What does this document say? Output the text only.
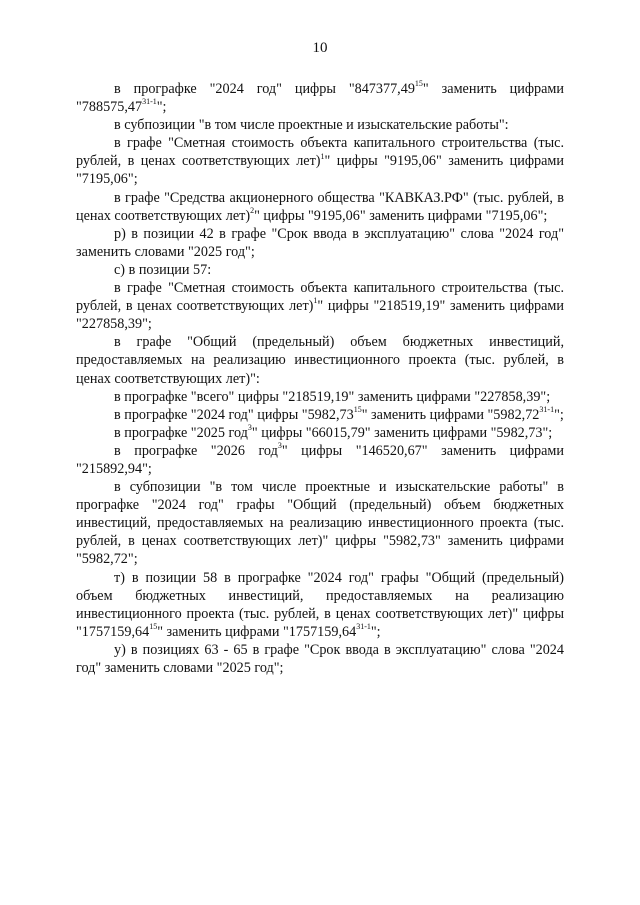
10

в прографке "2024 год" цифры "847377,49$^{15}$" заменить цифрами "788575,47$^{31-1}$";

в субпозиции "в том числе проектные и изыскательские работы":

в графе "Сметная стоимость объекта капитального строительства (тыс. рублей, в ценах соответствующих лет)$^1$" цифры "9195,06" заменить цифрами "7195,06";

в графе "Средства акционерного общества "КАВКАЗ.РФ" (тыс. рублей, в ценах соответствующих лет)$^2$" цифры "9195,06" заменить цифрами "7195,06";

р) в позиции 42 в графе "Срок ввода в эксплуатацию" слова "2024 год" заменить словами "2025 год";

с) в позиции 57:

в графе "Сметная стоимость объекта капитального строительства (тыс. рублей, в ценах соответствующих лет)$^1$" цифры "218519,19" заменить цифрами "227858,39";

в графе "Общий (предельный) объем бюджетных инвестиций, предоставляемых на реализацию инвестиционного проекта (тыс. рублей, в ценах соответствующих лет)":

в прографке "всего" цифры "218519,19" заменить цифрами "227858,39";

в прографке "2024 год" цифры "5982,73$^{15}$" заменить цифрами "5982,72$^{31-1}$";

в прографке "2025 год$^3$" цифры "66015,79" заменить цифрами "5982,73";

в прографке "2026 год$^3$" цифры "146520,67" заменить цифрами "215892,94";

в субпозиции "в том числе проектные и изыскательские работы" в прографке "2024 год" графы "Общий (предельный) объем бюджетных инвестиций, предоставляемых на реализацию инвестиционного проекта (тыс. рублей, в ценах соответствующих лет)" цифры "5982,73" заменить цифрами "5982,72";

т) в позиции 58 в прографке "2024 год" графы "Общий (предельный) объем бюджетных инвестиций, предоставляемых на реализацию инвестиционного проекта (тыс. рублей, в ценах соответствующих лет)" цифры "1757159,64$^{15}$" заменить цифрами "1757159,64$^{31-1}$";

у) в позициях 63 - 65 в графе "Срок ввода в эксплуатацию" слова "2024 год" заменить словами "2025 год";
